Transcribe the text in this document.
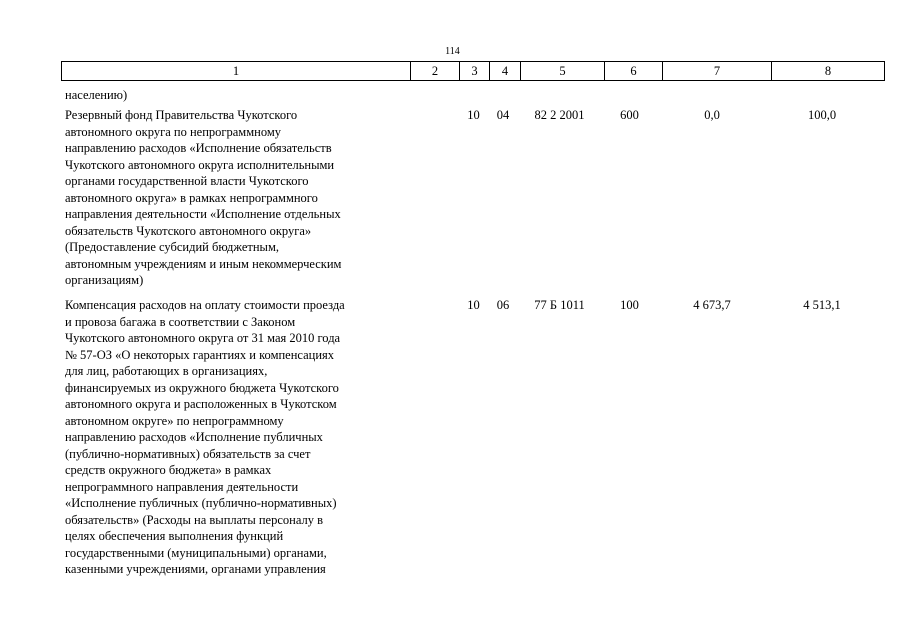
114
1	2	3	4	5	6	7	8
населению)
Резервный фонд Правительства Чукотского
автономного округа по непрограммному
направлению расходов «Исполнение обязательств
Чукотского автономного округа исполнительными
органами государственной власти Чукотского
автономного округа» в рамках непрограммного
направления деятельности «Исполнение отдельных
обязательств Чукотского автономного округа»
(Предоставление субсидий бюджетным,
автономным учреждениям и иным некоммерческим
организациям)
10	04	82 2 2001	600	0,0	100,0
Компенсация расходов на оплату стоимости проезда
и провоза багажа в соответствии с Законом
Чукотского автономного округа от 31 мая 2010 года
№ 57-ОЗ «О некоторых гарантиях и компенсациях
для лиц, работающих в организациях,
финансируемых из окружного бюджета Чукотского
автономного округа и расположенных в Чукотском
автономном округе» по непрограммному
направлению расходов «Исполнение публичных
(публично-нормативных) обязательств за счет
средств окружного бюджета» в рамках
непрограммного направления деятельности
«Исполнение публичных (публично-нормативных)
обязательств» (Расходы на выплаты персоналу в
целях обеспечения выполнения функций
государственными (муниципальными) органами,
казенными учреждениями, органами управления
10	06	77 Б 1011	100	4 673,7	4 513,1
